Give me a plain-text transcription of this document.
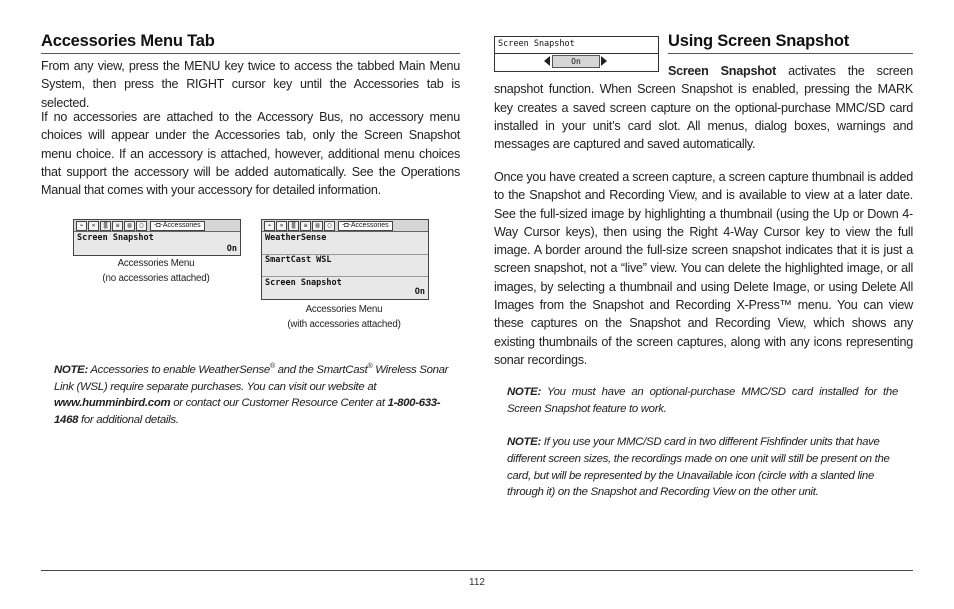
Accessories Menu Tab

From any view, press the MENU key twice to access the tabbed Main Menu System, then press the RIGHT cursor key until the Accessories tab is selected.

If no accessories are attached to the Accessory Bus, no accessory menu choices will appear under the Accessories tab, only the Screen Snapshot menu choice. If an accessory is attached, however, additional menu choices that support the accessory will be added automatically. See the Operations Manual that comes with your accessory for detailed information.

⌁	✕	▒	≡	▤	▢	-◘-Accessories
Screen Snapshot
On
Accessories Menu
(no accessories attached)
⌁	✕	▒	≡	▤	▢	-◘-Accessories
WeatherSense
SmartCast WSL
Screen Snapshot
On
Accessories Menu
(with accessories attached)
NOTE: Accessories to enable WeatherSense® and the SmartCast® Wireless Sonar Link (WSL) require separate purchases. You can visit our website at www.humminbird.com or contact our Customer Resource Center at 1-800-633-1468 for additional details.
Screen Snapshot
On
Using Screen Snapshot

Screen Snapshot activates the screen snapshot function. When Screen Snapshot is enabled, pressing the MARK key creates a saved screen capture on the optional-purchase MMC/SD card installed in your unit’s card slot. All menus, dialog boxes, warnings and messages are captured and saved automatically.

Once you have created a screen capture, a screen capture thumbnail is added to the Snapshot and Recording View, and is available to view at a later date. See the full-sized image by highlighting a thumbnail (using the Up or Down 4-Way Cursor keys), then using the Right 4-Way Cursor key to view the full image. A border around the full-size screen snapshot indicates that it is just a screen snapshot, not a “live” view. You can delete the highlighted image, or all images, by selecting a thumbnail and using Delete Image, or using Delete All Images from the Snapshot and Recording X-Press™ menu. You can view these captures on the Snapshot and Recording View, which shows any existing thumbnails of the screen captures, along with any icons representing sonar recordings.

NOTE: You must have an optional-purchase MMC/SD card installed for the Screen Snapshot feature to work.
NOTE: If you use your MMC/SD card in two different Fishfinder units that have different screen sizes, the recordings made on one unit will still be present on the card, but will be represented by the Unavailable icon (circle with a slanted line through it) on the Snapshot and Recording View on the other unit.
112
